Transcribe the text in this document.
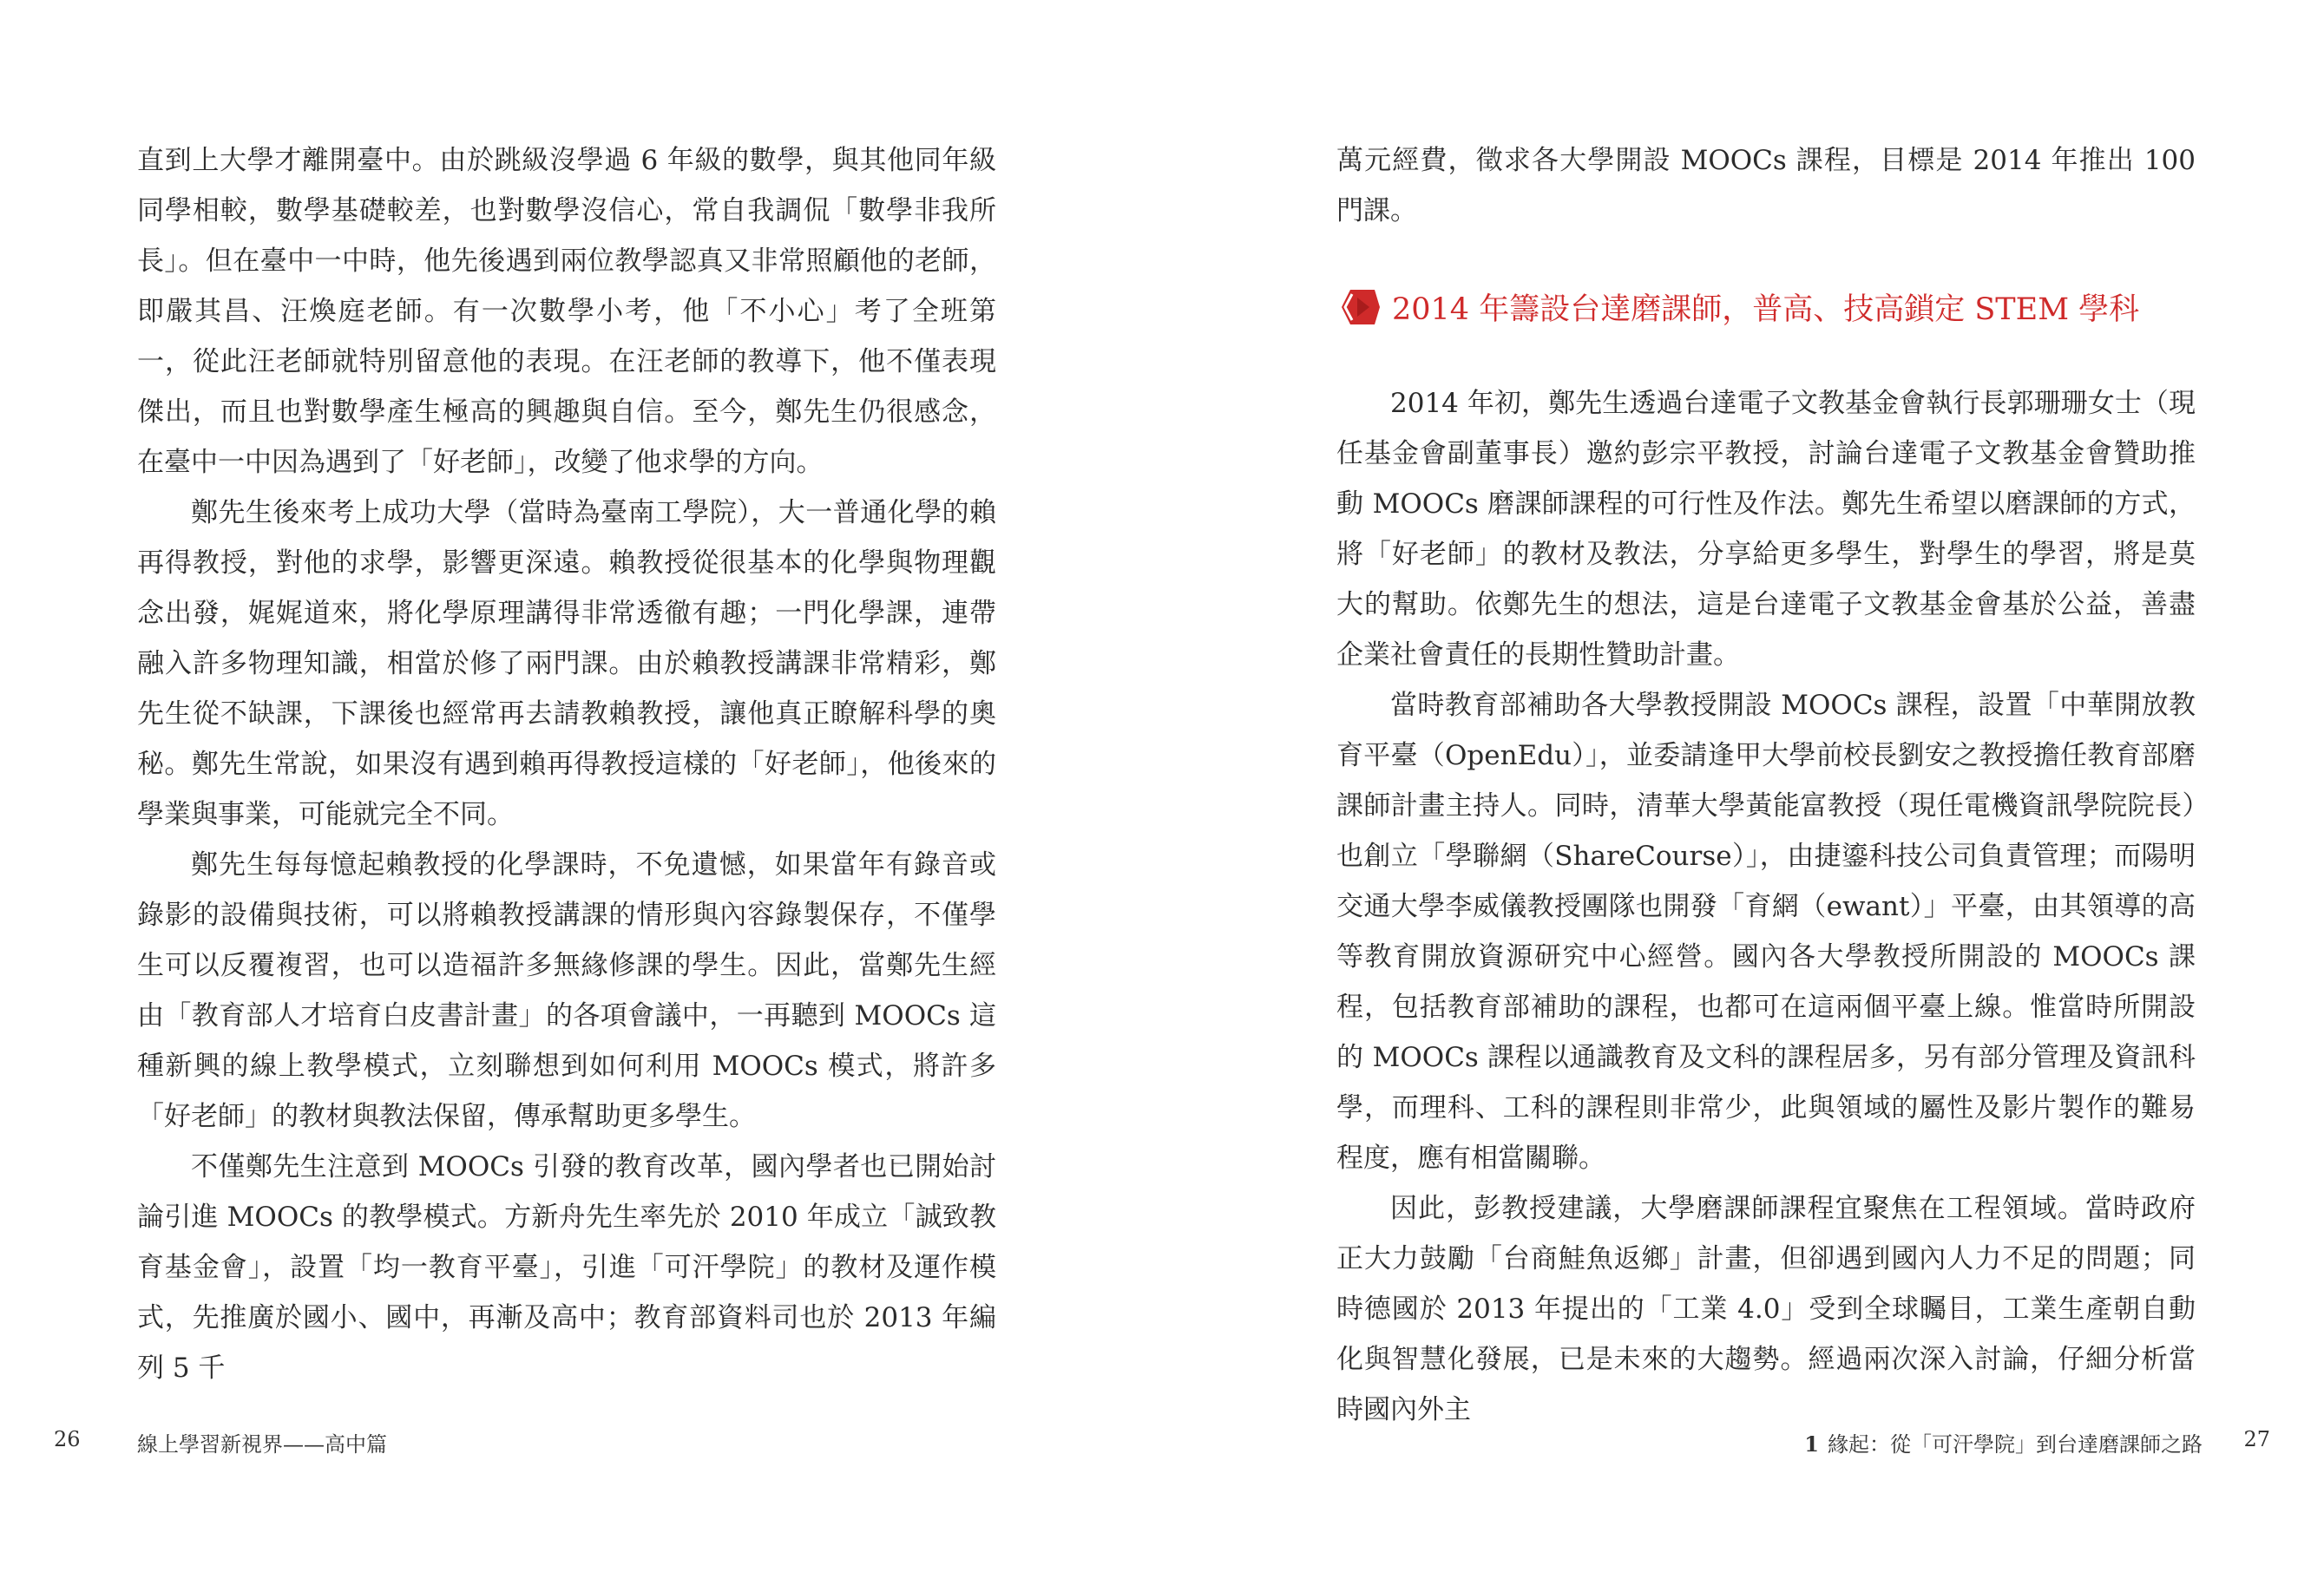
直到上大學才離開臺中。由於跳級沒學過 6 年級的數學，與其他同年級同學相較，數學基礎較差，也對數學沒信心，常自我調侃「數學非我所長」。但在臺中一中時，他先後遇到兩位教學認真又非常照顧他的老師，即嚴其昌、汪煥庭老師。有一次數學小考，他「不小心」考了全班第一，從此汪老師就特別留意他的表現。在汪老師的教導下，他不僅表現傑出，而且也對數學產生極高的興趣與自信。至今，鄭先生仍很感念，在臺中一中因為遇到了「好老師」，改變了他求學的方向。

鄭先生後來考上成功大學（當時為臺南工學院），大一普通化學的賴再得教授，對他的求學，影響更深遠。賴教授從很基本的化學與物理觀念出發，娓娓道來，將化學原理講得非常透徹有趣；一門化學課，連帶融入許多物理知識，相當於修了兩門課。由於賴教授講課非常精彩，鄭先生從不缺課，下課後也經常再去請教賴教授，讓他真正瞭解科學的奧秘。鄭先生常說，如果沒有遇到賴再得教授這樣的「好老師」，他後來的學業與事業，可能就完全不同。

鄭先生每每憶起賴教授的化學課時，不免遺憾，如果當年有錄音或錄影的設備與技術，可以將賴教授講課的情形與內容錄製保存，不僅學生可以反覆複習，也可以造福許多無緣修課的學生。因此，當鄭先生經由「教育部人才培育白皮書計畫」的各項會議中，一再聽到 MOOCs 這種新興的線上教學模式，立刻聯想到如何利用 MOOCs 模式，將許多「好老師」的教材與教法保留，傳承幫助更多學生。

不僅鄭先生注意到 MOOCs 引發的教育改革，國內學者也已開始討論引進 MOOCs 的教學模式。方新舟先生率先於 2010 年成立「誠致教育基金會」，設置「均一教育平臺」，引進「可汗學院」的教材及運作模式，先推廣於國小、國中，再漸及高中；教育部資料司也於 2013 年編列 5 千

26	線上學習新視界——高中篇

萬元經費，徵求各大學開設 MOOCs 課程，目標是 2014 年推出 100 門課。

2014 年籌設台達磨課師，普高、技高鎖定 STEM 學科

2014 年初，鄭先生透過台達電子文教基金會執行長郭珊珊女士（現任基金會副董事長）邀約彭宗平教授，討論台達電子文教基金會贊助推動 MOOCs 磨課師課程的可行性及作法。鄭先生希望以磨課師的方式，將「好老師」的教材及教法，分享給更多學生，對學生的學習，將是莫大的幫助。依鄭先生的想法，這是台達電子文教基金會基於公益，善盡企業社會責任的長期性贊助計畫。

當時教育部補助各大學教授開設 MOOCs 課程，設置「中華開放教育平臺（OpenEdu）」，並委請逢甲大學前校長劉安之教授擔任教育部磨課師計畫主持人。同時，清華大學黃能富教授（現任電機資訊學院院長）也創立「學聯網（ShareCourse）」，由捷鎏科技公司負責管理；而陽明交通大學李威儀教授團隊也開發「育網（ewant）」平臺，由其領導的高等教育開放資源研究中心經營。國內各大學教授所開設的 MOOCs 課程，包括教育部補助的課程，也都可在這兩個平臺上線。惟當時所開設的 MOOCs 課程以通識教育及文科的課程居多，另有部分管理及資訊科學，而理科、工科的課程則非常少，此與領域的屬性及影片製作的難易程度，應有相當關聯。

因此，彭教授建議，大學磨課師課程宜聚焦在工程領域。當時政府正大力鼓勵「台商鮭魚返鄉」計畫，但卻遇到國內人力不足的問題；同時德國於 2013 年提出的「工業 4.0」受到全球矚目，工業生產朝自動化與智慧化發展，已是未來的大趨勢。經過兩次深入討論，仔細分析當時國內外主

1 緣起：從「可汗學院」到台達磨課師之路 27
